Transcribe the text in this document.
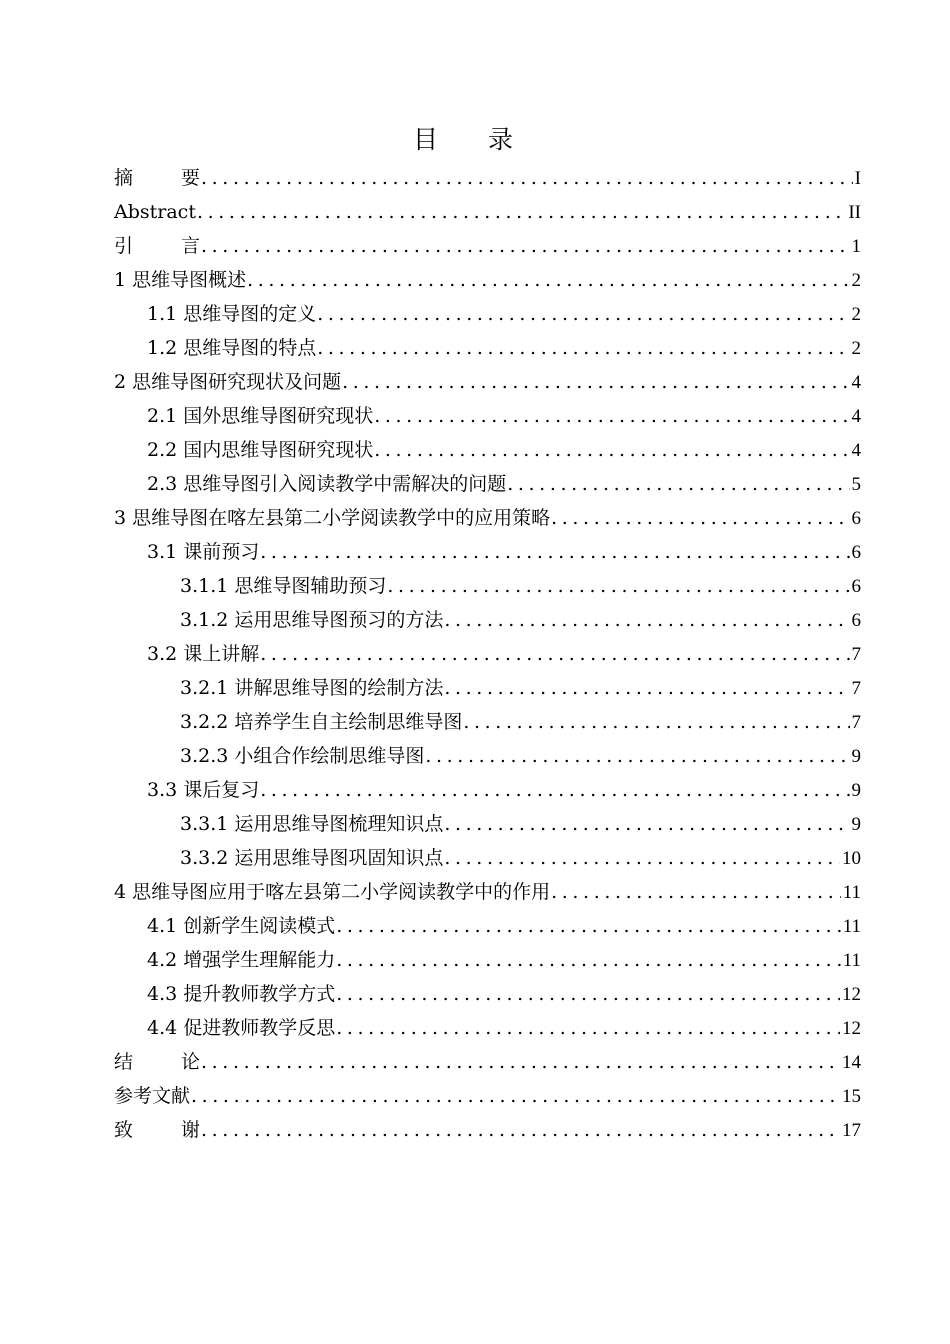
目录
摘要 .....	I
Abstract .....	II
引言 .....	1
1 思维导图概述 .....	2
1.1 思维导图的定义 .....	2
1.2 思维导图的特点 .....	2
2 思维导图研究现状及问题 .....	4
2.1 国外思维导图研究现状 .....	4
2.2 国内思维导图研究现状 .....	4
2.3 思维导图引入阅读教学中需解决的问题 .....	5
3 思维导图在喀左县第二小学阅读教学中的应用策略 .....	6
3.1 课前预习 .....	6
3.1.1 思维导图辅助预习 .....	6
3.1.2 运用思维导图预习的方法 .....	6
3.2 课上讲解 .....	7
3.2.1 讲解思维导图的绘制方法 .....	7
3.2.2 培养学生自主绘制思维导图 .....	7
3.2.3 小组合作绘制思维导图 .....	9
3.3 课后复习 .....	9
3.3.1 运用思维导图梳理知识点 .....	9
3.3.2 运用思维导图巩固知识点 .....	10
4 思维导图应用于喀左县第二小学阅读教学中的作用 .....	11
4.1 创新学生阅读模式 .....	11
4.2 增强学生理解能力 .....	11
4.3 提升教师教学方式 .....	12
4.4 促进教师教学反思 .....	12
结论 .....	14
参考文献 .....	15
致谢 .....	17
